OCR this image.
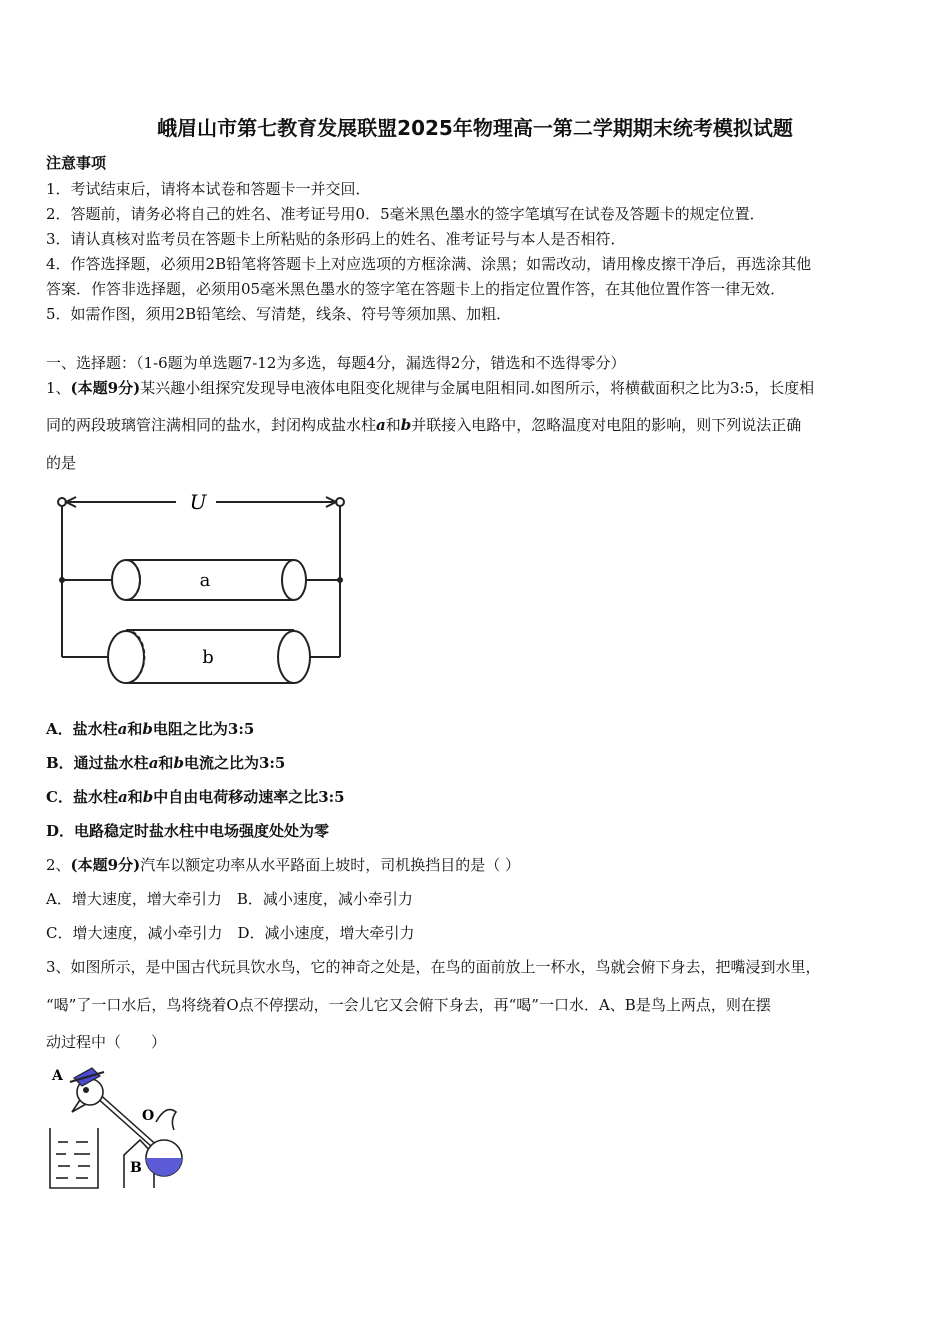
峨眉山市第七教育发展联盟2025年物理高一第二学期期末统考模拟试题
注意事项
1．考试结束后，请将本试卷和答题卡一并交回．
2．答题前，请务必将自己的姓名、准考证号用0．5毫米黑色墨水的签字笔填写在试卷及答题卡的规定位置．
3．请认真核对监考员在答题卡上所粘贴的条形码上的姓名、准考证号与本人是否相符．
4．作答选择题，必须用2B铅笔将答题卡上对应选项的方框涂满、涂黑；如需改动，请用橡皮擦干净后，再选涂其他
答案．作答非选择题，必须用05毫米黑色墨水的签字笔在答题卡上的指定位置作答，在其他位置作答一律无效．
5．如需作图，须用2B铅笔绘、写清楚，线条、符号等须加黑、加粗．
一、选择题：（1-6题为单选题7-12为多选，每题4分，漏选得2分，错选和不选得零分）
1、(本题9分)某兴趣小组探究发现导电液体电阻变化规律与金属电阻相同.如图所示，将横截面积之比为3:5，长度相
同的两段玻璃管注满相同的盐水，封闭构成盐水柱a和b并联接入电路中，忽略温度对电阻的影响，则下列说法正确
的是
U
a
b
A．盐水柱a和b电阻之比为3:5
B．通过盐水柱a和b电流之比为3:5
C．盐水柱a和b中自由电荷移动速率之比3:5
D．电路稳定时盐水柱中电场强度处处为零
2、(本题9分)汽车以额定功率从水平路面上坡时，司机换挡目的是（ ）
A．增大速度，增大牵引力　B．减小速度，减小牵引力
C．增大速度，减小牵引力　D．减小速度，增大牵引力
3、如图所示，是中国古代玩具饮水鸟，它的神奇之处是，在鸟的面前放上一杯水，鸟就会俯下身去，把嘴浸到水里，
“喝”了一口水后，鸟将绕着O点不停摆动，一会儿它又会俯下身去，再“喝”一口水．A、B是鸟上两点，则在摆
动过程中（　　）
A
O
B
